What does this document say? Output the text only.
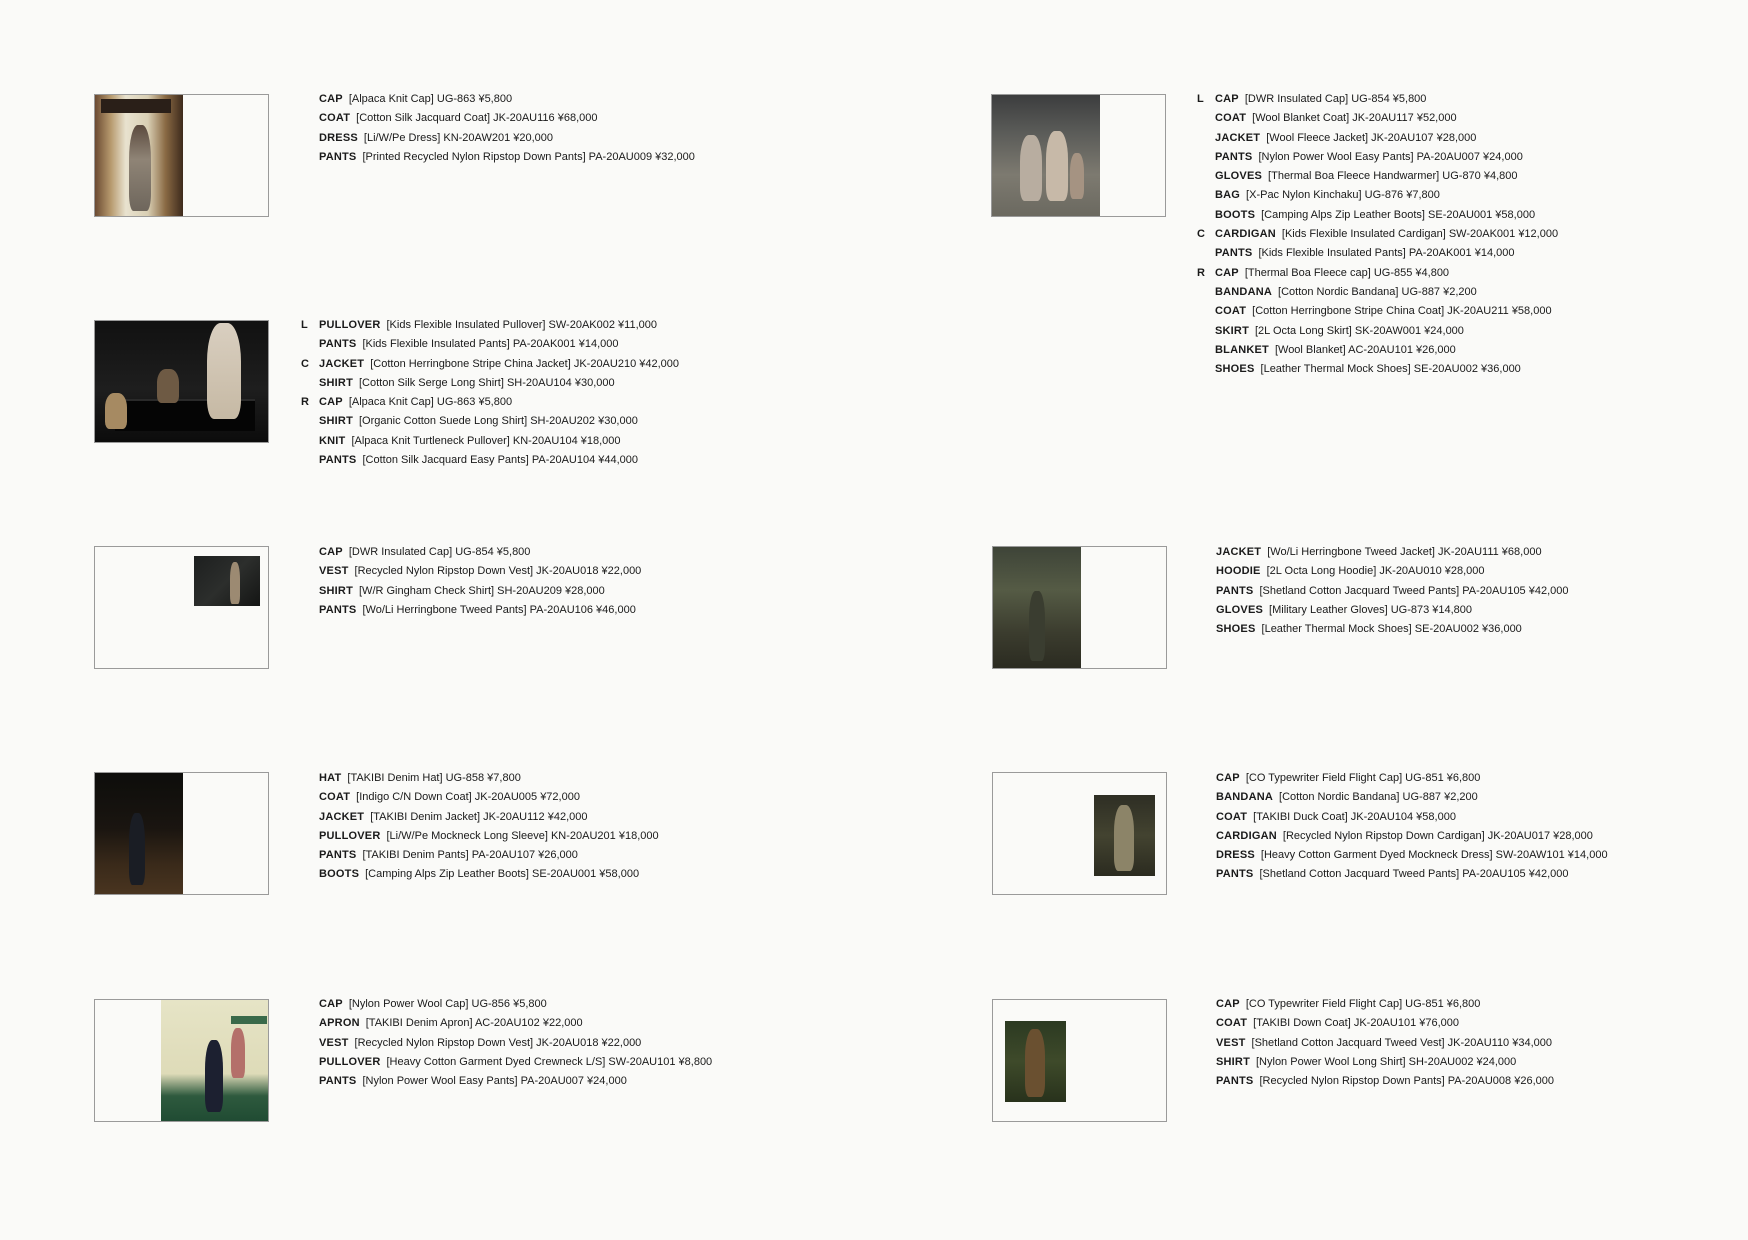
CAP [Alpaca Knit Cap] UG-863 ¥5,800
COAT [Cotton Silk Jacquard Coat] JK-20AU116 ¥68,000
DRESS [Li/W/Pe Dress] KN-20AW201 ¥20,000
PANTS [Printed Recycled Nylon Ripstop Down Pants] PA-20AU009 ¥32,000
L	CAP [DWR Insulated Cap] UG-854 ¥5,800
COAT [Wool Blanket Coat] JK-20AU117 ¥52,000
JACKET [Wool Fleece Jacket] JK-20AU107 ¥28,000
PANTS [Nylon Power Wool Easy Pants] PA-20AU007 ¥24,000
GLOVES [Thermal Boa Fleece Handwarmer] UG-870 ¥4,800
BAG [X-Pac Nylon Kinchaku] UG-876 ¥7,800
BOOTS [Camping Alps Zip Leather Boots] SE-20AU001 ¥58,000
C CARDIGAN [Kids Flexible Insulated Cardigan] SW-20AK001 ¥12,000
PANTS [Kids Flexible Insulated Pants] PA-20AK001 ¥14,000
R CAP [Thermal Boa Fleece cap] UG-855 ¥4,800
BANDANA [Cotton Nordic Bandana] UG-887 ¥2,200
COAT [Cotton Herringbone Stripe China Coat] JK-20AU211 ¥58,000
SKIRT [2L Octa Long Skirt] SK-20AW001 ¥24,000
BLANKET [Wool Blanket] AC-20AU101 ¥26,000
SHOES [Leather Thermal Mock Shoes] SE-20AU002 ¥36,000
L	PULLOVER [Kids Flexible Insulated Pullover] SW-20AK002 ¥11,000
PANTS [Kids Flexible Insulated Pants] PA-20AK001 ¥14,000
C JACKET [Cotton Herringbone Stripe China Jacket] JK-20AU210 ¥42,000
SHIRT [Cotton Silk Serge Long Shirt] SH-20AU104 ¥30,000
R CAP [Alpaca Knit Cap] UG-863 ¥5,800
SHIRT [Organic Cotton Suede Long Shirt] SH-20AU202 ¥30,000
KNIT [Alpaca Knit Turtleneck Pullover] KN-20AU104 ¥18,000
PANTS [Cotton Silk Jacquard Easy Pants] PA-20AU104 ¥44,000
CAP [DWR Insulated Cap] UG-854 ¥5,800
VEST [Recycled Nylon Ripstop Down Vest] JK-20AU018 ¥22,000
SHIRT [W/R Gingham Check Shirt] SH-20AU209 ¥28,000
PANTS [Wo/Li Herringbone Tweed Pants] PA-20AU106 ¥46,000
JACKET [Wo/Li Herringbone Tweed Jacket] JK-20AU111 ¥68,000
HOODIE [2L Octa Long Hoodie] JK-20AU010 ¥28,000
PANTS [Shetland Cotton Jacquard Tweed Pants] PA-20AU105 ¥42,000
GLOVES [Military Leather Gloves] UG-873 ¥14,800
SHOES [Leather Thermal Mock Shoes] SE-20AU002 ¥36,000
HAT [TAKIBI Denim Hat] UG-858 ¥7,800
COAT [Indigo C/N Down Coat] JK-20AU005 ¥72,000
JACKET [TAKIBI Denim Jacket] JK-20AU112 ¥42,000
PULLOVER [Li/W/Pe Mockneck Long Sleeve] KN-20AU201 ¥18,000
PANTS [TAKIBI Denim Pants] PA-20AU107 ¥26,000
BOOTS [Camping Alps Zip Leather Boots] SE-20AU001 ¥58,000
CAP [CO Typewriter Field Flight Cap] UG-851 ¥6,800
BANDANA [Cotton Nordic Bandana] UG-887 ¥2,200
COAT [TAKIBI Duck Coat] JK-20AU104 ¥58,000
CARDIGAN [Recycled Nylon Ripstop Down Cardigan] JK-20AU017 ¥28,000
DRESS [Heavy Cotton Garment Dyed Mockneck Dress] SW-20AW101 ¥14,000
PANTS [Shetland Cotton Jacquard Tweed Pants] PA-20AU105 ¥42,000
CAP [Nylon Power Wool Cap] UG-856 ¥5,800
APRON [TAKIBI Denim Apron] AC-20AU102 ¥22,000
VEST [Recycled Nylon Ripstop Down Vest] JK-20AU018 ¥22,000
PULLOVER [Heavy Cotton Garment Dyed Crewneck L/S] SW-20AU101 ¥8,800
PANTS [Nylon Power Wool Easy Pants] PA-20AU007 ¥24,000
CAP [CO Typewriter Field Flight Cap] UG-851 ¥6,800
COAT [TAKIBI Down Coat] JK-20AU101 ¥76,000
VEST [Shetland Cotton Jacquard Tweed Vest] JK-20AU110 ¥34,000
SHIRT [Nylon Power Wool Long Shirt] SH-20AU002 ¥24,000
PANTS [Recycled Nylon Ripstop Down Pants] PA-20AU008 ¥26,000
